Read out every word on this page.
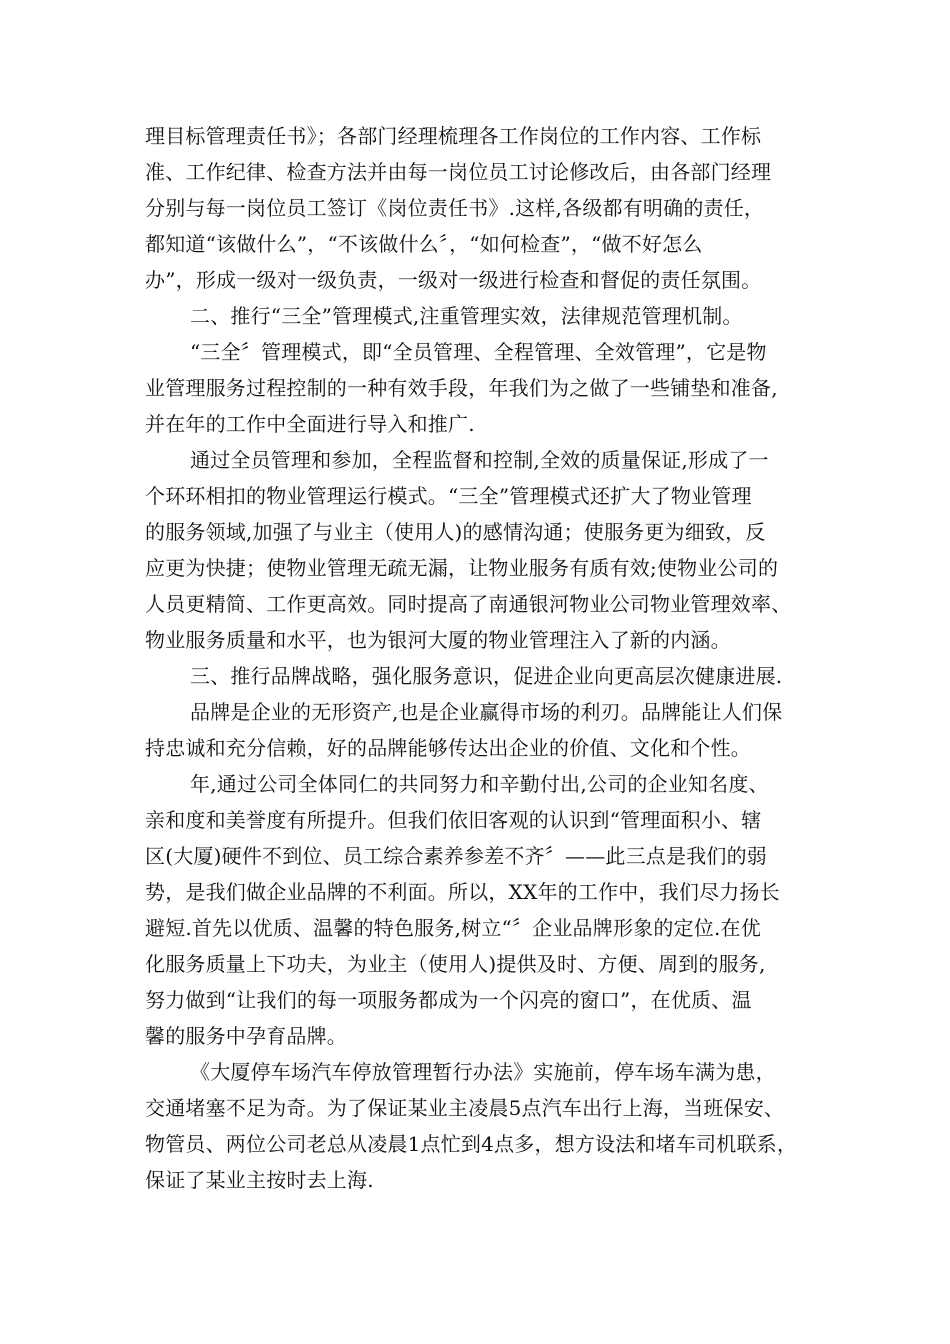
理目标管理责任书》；各部门经理梳理各工作岗位的工作内容、工作标
准、工作纪律、检查方法并由每一岗位员工讨论修改后，由各部门经理
分别与每一岗位员工签订《岗位责任书》.这样,各级都有明确的责任，
都知道“该做什么”，“不该做什么〞，“如何检查”，“做不好怎么
办”，形成一级对一级负责，一级对一级进行检查和督促的责任氛围。
二、推行“三全”管理模式,注重管理实效，法律规范管理机制。
“三全〞管理模式，即“全员管理、全程管理、全效管理”，它是物
业管理服务过程控制的一种有效手段，年我们为之做了一些铺垫和准备,
并在年的工作中全面进行导入和推广.
通过全员管理和参加，全程监督和控制,全效的质量保证,形成了一
个环环相扣的物业管理运行模式。“三全”管理模式还扩大了物业管理
的服务领域,加强了与业主（使用人)的感情沟通；使服务更为细致，反
应更为快捷；使物业管理无疏无漏，让物业服务有质有效;使物业公司的
人员更精简、工作更高效。同时提高了南通银河物业公司物业管理效率、
物业服务质量和水平，也为银河大厦的物业管理注入了新的内涵。
三、推行品牌战略，强化服务意识，促进企业向更高层次健康进展.
品牌是企业的无形资产,也是企业赢得市场的利刃。品牌能让人们保
持忠诚和充分信赖，好的品牌能够传达出企业的价值、文化和个性。
年,通过公司全体同仁的共同努力和辛勤付出,公司的企业知名度、
亲和度和美誉度有所提升。但我们依旧客观的认识到“管理面积小、辖
区(大厦)硬件不到位、员工综合素养参差不齐〞——此三点是我们的弱
势，是我们做企业品牌的不利面。所以，XX年的工作中，我们尽力扬长
避短.首先以优质、温馨的特色服务,树立“〞企业品牌形象的定位.在优
化服务质量上下功夫，为业主（使用人)提供及时、方便、周到的服务,
努力做到“让我们的每一项服务都成为一个闪亮的窗口”，在优质、温
馨的服务中孕育品牌。
《大厦停车场汽车停放管理暂行办法》实施前，停车场车满为患，
交通堵塞不足为奇。为了保证某业主凌晨5点汽车出行上海，当班保安、
物管员、两位公司老总从凌晨1点忙到4点多，想方设法和堵车司机联系，
保证了某业主按时去上海.
